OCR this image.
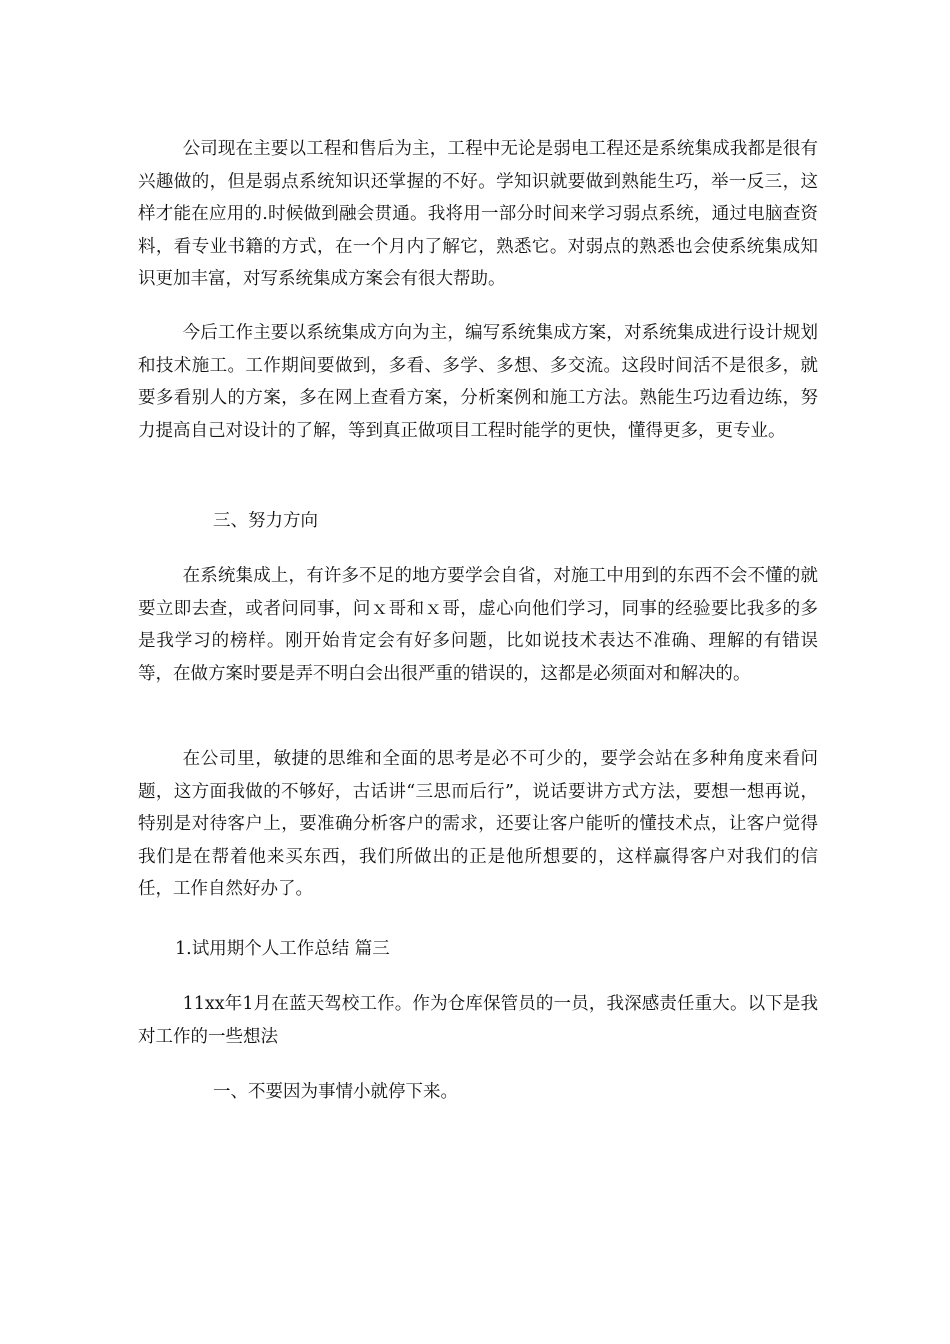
公司现在主要以工程和售后为主，工程中无论是弱电工程还是系统集成我都是很有兴趣做的，但是弱点系统知识还掌握的不好。学知识就要做到熟能生巧，举一反三，这样才能在应用的.时候做到融会贯通。我将用一部分时间来学习弱点系统，通过电脑查资料，看专业书籍的方式，在一个月内了解它，熟悉它。对弱点的熟悉也会使系统集成知识更加丰富，对写系统集成方案会有很大帮助。

今后工作主要以系统集成方向为主，编写系统集成方案，对系统集成进行设计规划和技术施工。工作期间要做到，多看、多学、多想、多交流。这段时间活不是很多，就要多看别人的方案，多在网上查看方案，分析案例和施工方法。熟能生巧边看边练，努力提高自己对设计的了解，等到真正做项目工程时能学的更快，懂得更多，更专业。

三、努力方向

在系统集成上，有许多不足的地方要学会自省，对施工中用到的东西不会不懂的就要立即去查，或者问同事，问ｘ哥和ｘ哥，虚心向他们学习，同事的经验要比我多的多是我学习的榜样。刚开始肯定会有好多问题，比如说技术表达不准确、理解的有错误等，在做方案时要是弄不明白会出很严重的错误的，这都是必须面对和解决的。

在公司里，敏捷的思维和全面的思考是必不可少的，要学会站在多种角度来看问题，这方面我做的不够好，古话讲“三思而后行”，说话要讲方式方法，要想一想再说，特别是对待客户上，要准确分析客户的需求，还要让客户能听的懂技术点，让客户觉得我们是在帮着他来买东西，我们所做出的正是他所想要的，这样赢得客户对我们的信任，工作自然好办了。

1.试用期个人工作总结 篇三

11xx年1月在蓝天驾校工作。作为仓库保管员的一员，我深感责任重大。以下是我对工作的一些想法

一、不要因为事情小就停下来。
